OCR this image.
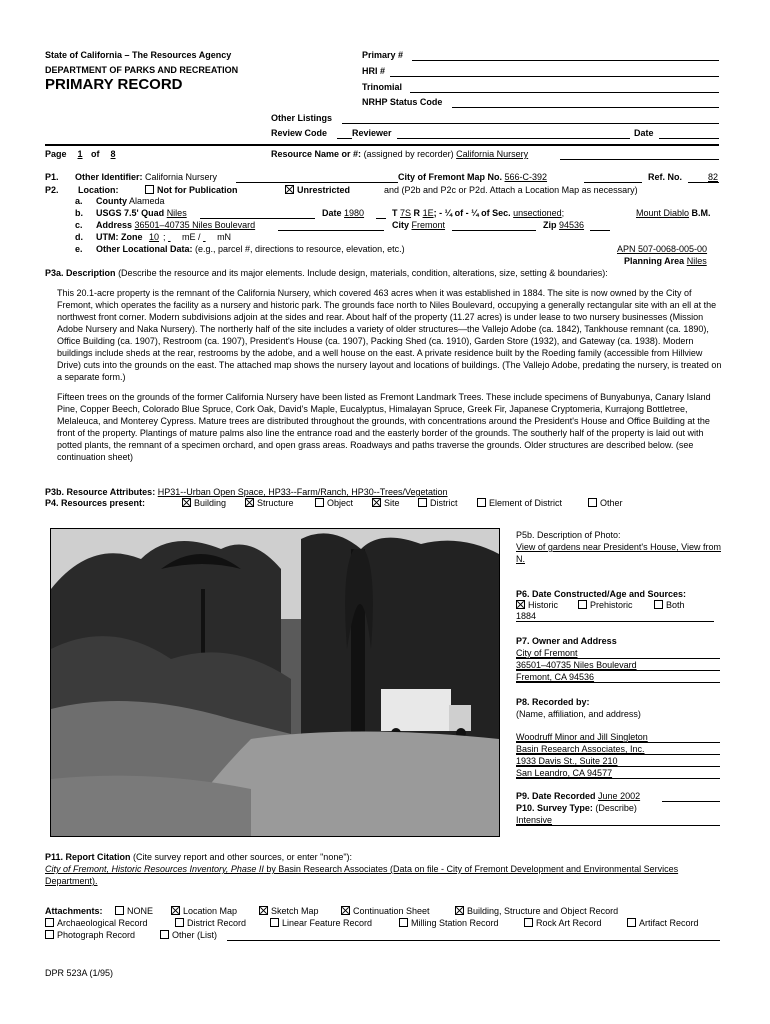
State of California – The Resources Agency
DEPARTMENT OF PARKS AND RECREATION
PRIMARY RECORD
Primary #
HRI #
Trinomial
NRHP Status Code
Other Listings
Review Code	Reviewer	Date
Page 1 of 8	Resource Name or #: (assigned by recorder) California Nursery
P1. Other Identifier: California Nursery	City of Fremont Map No. 566-C-392	Ref. No.	82
P2. Location:	Not for Publication	Unrestricted	and (P2b and P2c or P2d. Attach a Location Map as necessary)
a. County Alameda
b. USGS 7.5' Quad Niles	Date 1980	T 7S R 1E; - ¼ of - ¼ of Sec. unsectioned;	Mount Diablo B.M.
c. Address 36501–40735 Niles Boulevard	City Fremont	Zip 94536
d. UTM: Zone 10 ;  mE / mN
e. Other Locational Data: (e.g., parcel #, directions to resource, elevation, etc.)	APN 507-0068-005-00
Planning Area Niles
P3a. Description (Describe the resource and its major elements. Include design, materials, condition, alterations, size, setting & boundaries):
This 20.1-acre property is the remnant of the California Nursery, which covered 463 acres when it was established in 1884. The site is now owned by the City of Fremont, which operates the facility as a nursery and historic park. The grounds face north to Niles Boulevard, occupying a generally rectangular site with an ell at the northwest front corner. Modern subdivisions adjoin at the sides and rear. About half of the property (11.27 acres) is under lease to two nursery businesses (Mission Adobe Nursery and Naka Nursery). The northerly half of the site includes a variety of older structures—the Vallejo Adobe (ca. 1842), Tankhouse remnant (ca. 1890), Office Building (ca. 1907), Restroom (ca. 1907), President's House (ca. 1907), Packing Shed (ca. 1910), Garden Store (1932), and Gateway (ca. 1938). Modern buildings include sheds at the rear, restrooms by the adobe, and a well house on the east. A private residence built by the Roeding family (accessible from Hillview Drive) cuts into the grounds on the east. The attached map shows the nursery layout and locations of buildings. (The Vallejo Adobe, predating the nursery, is treated on a separate form.)
Fifteen trees on the grounds of the former California Nursery have been listed as Fremont Landmark Trees. These include specimens of Bunyabunya, Canary Island Pine, Copper Beech, Colorado Blue Spruce, Cork Oak, David's Maple, Eucalyptus, Himalayan Spruce, Greek Fir, Japanese Cryptomeria, Kurrajong Bottletree, Melaleuca, and Monterey Cypress. Mature trees are distributed throughout the grounds, with concentrations around the President's House and Office Building at the front of the property. Plantings of mature palms also line the entrance road and the easterly border of the grounds. The southerly half of the property is laid out with potted plants, the remnant of a specimen orchard, and open grass areas. Roadways and paths traverse the grounds. Older structures are described below. (see continuation sheet)
P3b. Resource Attributes: HP31--Urban Open Space, HP33--Farm/Ranch, HP30--Trees/Vegetation
P4. Resources present:	Building	Structure	Object	Site	District	Element of District	Other
P5b. Description of Photo:
View of gardens near President's House, View from N.
P6. Date Constructed/Age and Sources:
Historic	Prehistoric	Both
1884
P7. Owner and Address
City of Fremont
36501–40735 Niles Boulevard
Fremont, CA 94536
P8. Recorded by:
(Name, affiliation, and address)
Woodruff Minor and Jill Singleton
Basin Research Associates, Inc.
1933 Davis St., Suite 210
San Leandro, CA 94577
P9. Date Recorded June 2002
P10. Survey Type: (Describe)
Intensive
P11. Report Citation (Cite survey report and other sources, or enter "none"):
City of Fremont, Historic Resources Inventory, Phase II by Basin Research Associates (Data on file - City of Fremont Development and Environmental Services Department).
Attachments:	NONE	Location Map	Sketch Map	Continuation Sheet	Building, Structure and Object Record
Archaeological Record	District Record	Linear Feature Record	Milling Station Record	Rock Art Record	Artifact Record
Photograph Record	Other (List)
DPR 523A (1/95)
